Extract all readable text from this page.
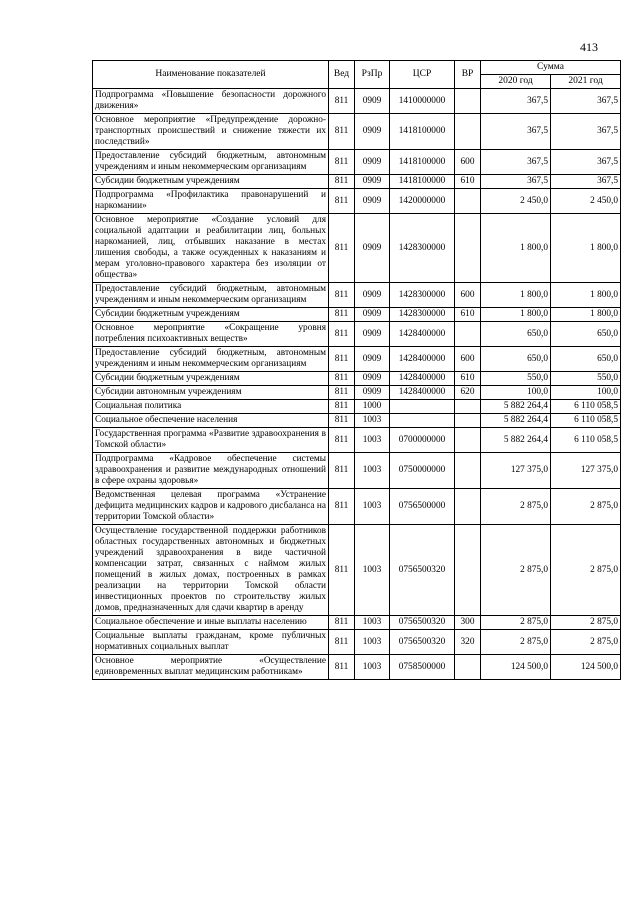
413
Наименование показателей	Вед	РзПр	ЦСР	ВР	Сумма	
					2020 год	2021 год
Подпрограмма «Повышение безопасности дорожного движения»	811	0909	1410000000		367,5	367,5
Основное мероприятие «Предупреждение дорожно-транспортных происшествий и снижение тяжести их последствий»	811	0909	1418100000		367,5	367,5
Предоставление субсидий бюджетным, автономным учреждениям и иным некоммерческим организациям	811	0909	1418100000	600	367,5	367,5
Субсидии бюджетным учреждениям	811	0909	1418100000	610	367,5	367,5
Подпрограмма «Профилактика правонарушений и наркомании»	811	0909	1420000000		2 450,0	2 450,0
Основное мероприятие «Создание условий для социальной адаптации и реабилитации лиц, больных наркоманией, лиц, отбывших наказание в местах лишения свободы, а также осужденных к наказаниям и мерам уголовно-правового характера без изоляции от общества»	811	0909	1428300000		1 800,0	1 800,0
Предоставление субсидий бюджетным, автономным учреждениям и иным некоммерческим организациям	811	0909	1428300000	600	1 800,0	1 800,0
Субсидии бюджетным учреждениям	811	0909	1428300000	610	1 800,0	1 800,0
Основное мероприятие «Сокращение уровня потребления психоактивных веществ»	811	0909	1428400000		650,0	650,0
Предоставление субсидий бюджетным, автономным учреждениям и иным некоммерческим организациям	811	0909	1428400000	600	650,0	650,0
Субсидии бюджетным учреждениям	811	0909	1428400000	610	550,0	550,0
Субсидии автономным учреждениям	811	0909	1428400000	620	100,0	100,0
Социальная политика	811	1000			5 882 264,4	6 110 058,5
Социальное обеспечение населения	811	1003			5 882 264,4	6 110 058,5
Государственная программа «Развитие здравоохранения в Томской области»	811	1003	0700000000		5 882 264,4	6 110 058,5
Подпрограмма «Кадровое обеспечение системы здравоохранения и развитие международных отношений в сфере охраны здоровья»	811	1003	0750000000		127 375,0	127 375,0
Ведомственная целевая программа «Устранение дефицита медицинских кадров и кадрового дисбаланса на территории Томской области»	811	1003	0756500000		2 875,0	2 875,0
Осуществление государственной поддержки работников областных государственных автономных и бюджетных учреждений здравоохранения в виде частичной компенсации затрат, связанных с наймом жилых помещений в жилых домах, построенных в рамках реализации на территории Томской области инвестиционных проектов по строительству жилых домов, предназначенных для сдачи квартир в аренду	811	1003	0756500320		2 875,0	2 875,0
Социальное обеспечение и иные выплаты населению	811	1003	0756500320	300	2 875,0	2 875,0
Социальные выплаты гражданам, кроме публичных нормативных социальных выплат	811	1003	0756500320	320	2 875,0	2 875,0
Основное мероприятие «Осуществление единовременных выплат медицинским работникам»	811	1003	0758500000		124 500,0	124 500,0
